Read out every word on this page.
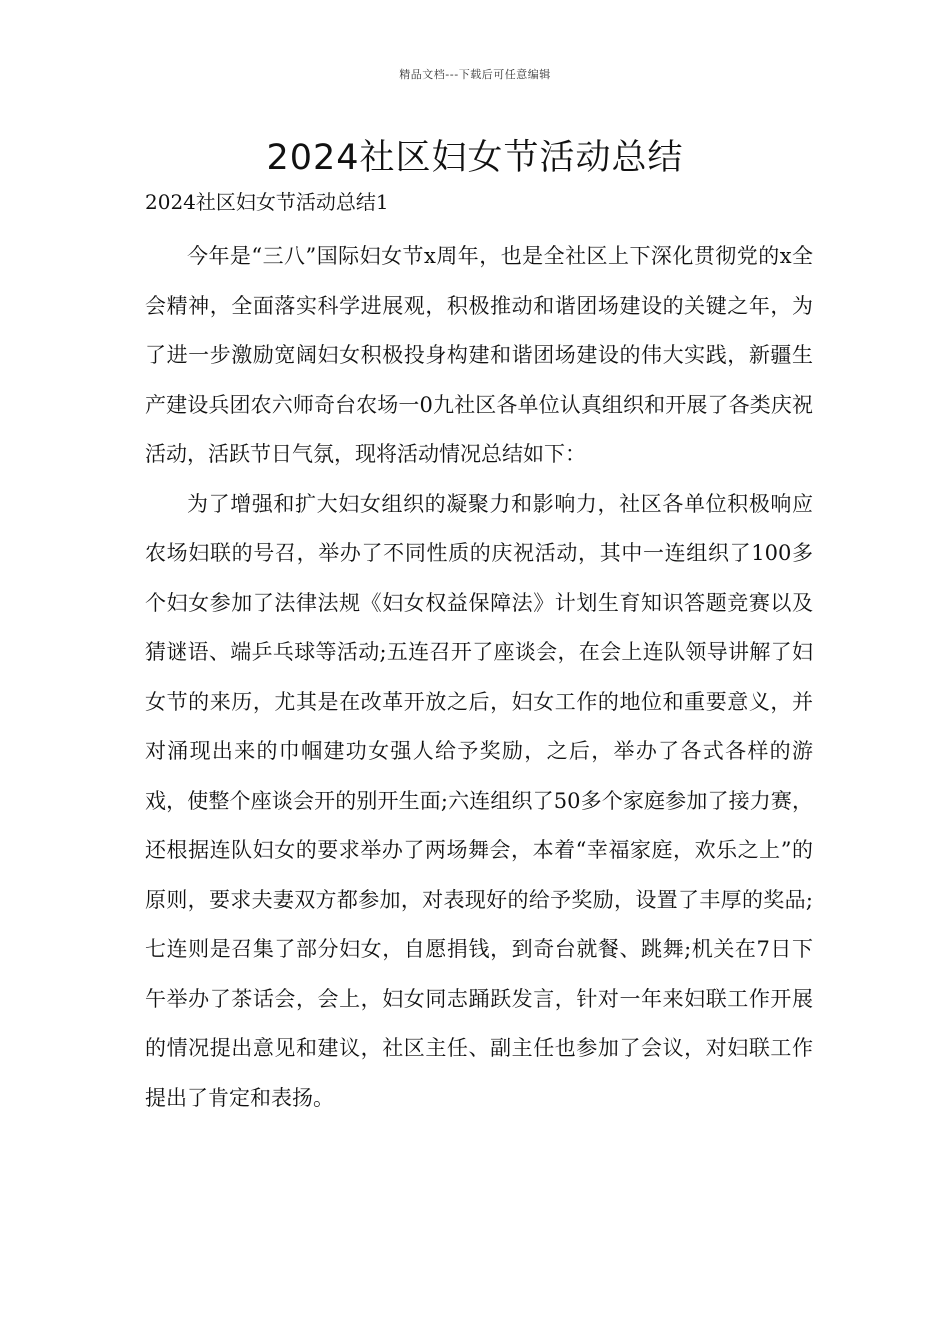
精品文档---下载后可任意编辑
2024社区妇女节活动总结
2024社区妇女节活动总结1

今年是“三八”国际妇女节x周年，也是全社区上下深化贯彻党的x全会精神，全面落实科学进展观，积极推动和谐团场建设的关键之年，为了进一步激励宽阔妇女积极投身构建和谐团场建设的伟大实践，新疆生产建设兵团农六师奇台农场一0九社区各单位认真组织和开展了各类庆祝活动，活跃节日气氛，现将活动情况总结如下：

为了增强和扩大妇女组织的凝聚力和影响力，社区各单位积极响应农场妇联的号召，举办了不同性质的庆祝活动，其中一连组织了100多个妇女参加了法律法规《妇女权益保障法》计划生育知识答题竞赛以及猜谜语、端乒乓球等活动;五连召开了座谈会，在会上连队领导讲解了妇女节的来历，尤其是在改革开放之后，妇女工作的地位和重要意义，并对涌现出来的巾帼建功女强人给予奖励，之后，举办了各式各样的游戏，使整个座谈会开的别开生面;六连组织了50多个家庭参加了接力赛，还根据连队妇女的要求举办了两场舞会，本着“幸福家庭，欢乐之上”的原则，要求夫妻双方都参加，对表现好的给予奖励，设置了丰厚的奖品;七连则是召集了部分妇女，自愿捐钱，到奇台就餐、跳舞;机关在7日下午举办了茶话会，会上，妇女同志踊跃发言，针对一年来妇联工作开展的情况提出意见和建议，社区主任、副主任也参加了会议，对妇联工作提出了肯定和表扬。
